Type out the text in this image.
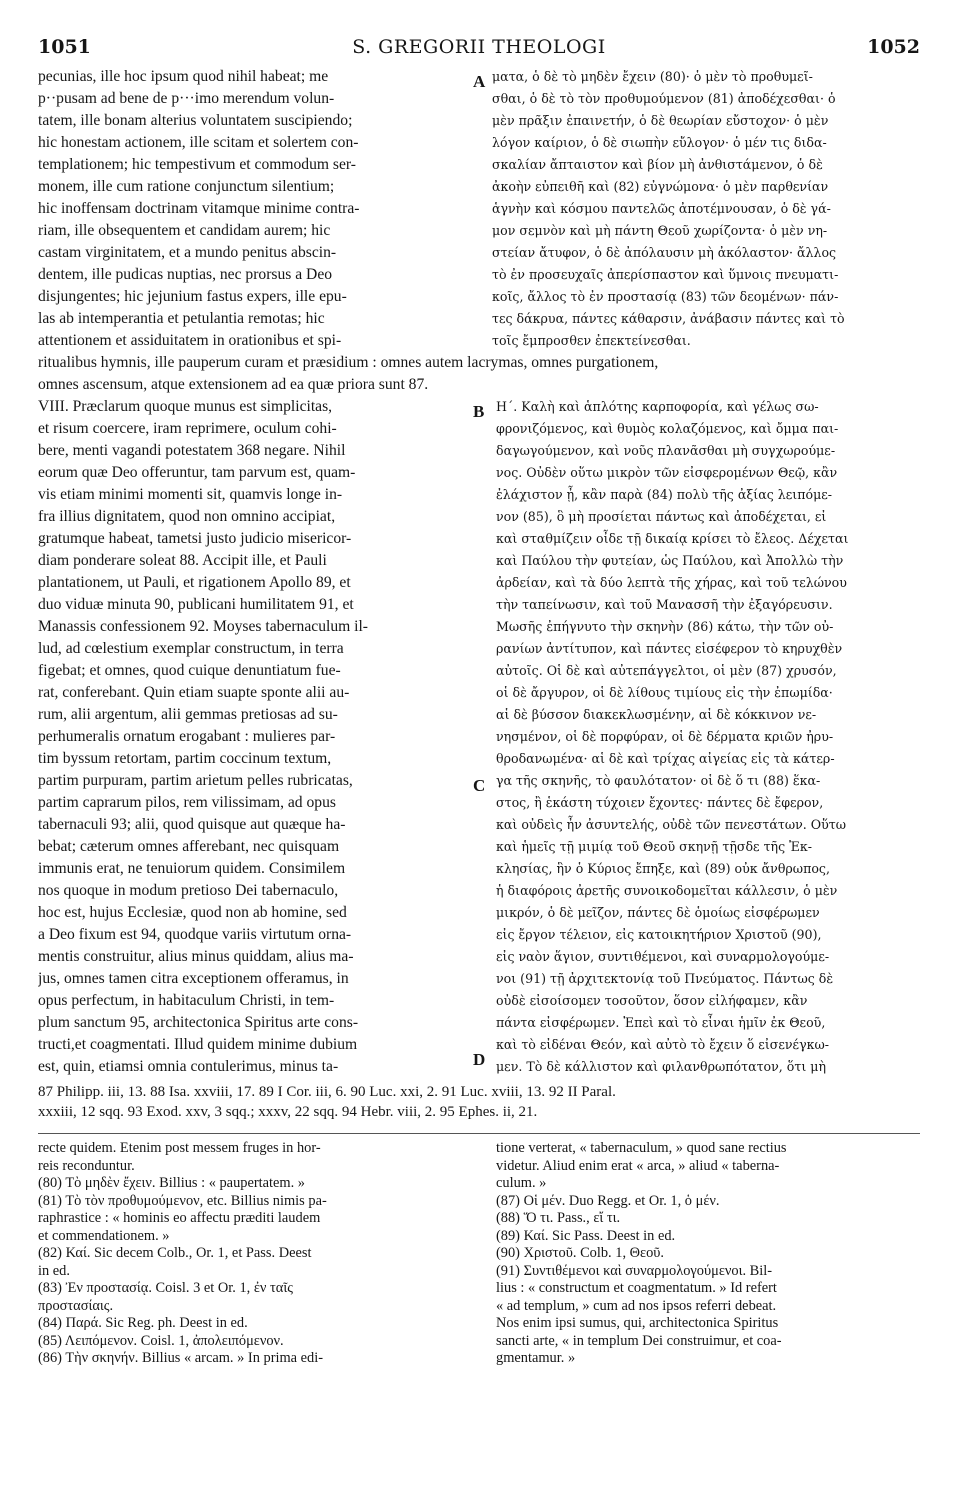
1051	S. GREGORII THEOLOGI	1052
pecunias, ille hoc ipsum quod nihil habeat; me
p··pusam ad bene de p···imo merendum volun-
tatem, ille bonam alterius voluntatem suscipiendo;
hic honestam actionem, ille scitam et solertem con-
templationem; hic tempestivum et commodum ser-
monem, ille cum ratione conjunctum silentium;
hic inoffensam doctrinam vitamque minime contra-
riam, ille obsequentem et candidam aurem; hic
castam virginitatem, et a mundo penitus abscin-
dentem, ille pudicas nuptias, nec prorsus a Deo
disjungentes; hic jejunium fastus expers, ille epu-
las ab intemperantia et petulantia remotas; hic
attentionem et assiduitatem in orationibus et spi-
ματα, ὁ δὲ τὸ μηδὲν ἔχειν (80)· ὁ μὲν τὸ προθυμεῖ-
σθαι, ὁ δὲ τὸ τὸν προθυμούμενον (81) ἀποδέχεσθαι· ὁ
μὲν πρᾶξιν ἐπαινετήν, ὁ δὲ θεωρίαν εὔστοχον· ὁ μὲν
λόγον καίριον, ὁ δὲ σιωπὴν εὔλογον· ὁ μέν τις διδα-
σκαλίαν ἄπταιστον καὶ βίον μὴ ἀνθιστάμενον, ὁ δὲ
ἀκοὴν εὐπειθῆ καὶ (82) εὐγνώμονα· ὁ μὲν παρθενίαν
ἁγνὴν καὶ κόσμου παντελῶς ἀποτέμνουσαν, ὁ δὲ γά-
μον σεμνὸν καὶ μὴ πάντη Θεοῦ χωρίζοντα· ὁ μὲν νη-
στείαν ἄτυφον, ὁ δὲ ἀπόλαυσιν μὴ ἀκόλαστον· ἄλλος
τὸ ἐν προσευχαῖς ἀπερίσπαστον καὶ ὕμνοις πνευματι-
κοῖς, ἄλλος τὸ ἐν προστασίᾳ (83) τῶν δεομένων· πάν-
τες δάκρυα, πάντες κάθαρσιν, ἀνάβασιν πάντες καὶ τὸ
τοῖς ἔμπροσθεν ἐπεκτείνεσθαι.
ritualibus hymnis, ille pauperum curam et præsidium : omnes autem lacrymas, omnes purgationem,
omnes ascensum, atque extensionem ad ea quæ priora sunt 87.
VIII. Præclarum quoque munus est simplicitas,
et risum coercere, iram reprimere, oculum cohi-
bere, menti vagandi potestatem 368 negare. Nihil
eorum quæ Deo offeruntur, tam parvum est, quam-
vis etiam minimi momenti sit, quamvis longe in-
fra illius dignitatem, quod non omnino accipiat,
gratumque habeat, tametsi justo judicio misericor-
diam ponderare soleat 88. Accipit ille, et Pauli
plantationem, ut Pauli, et rigationem Apollo 89, et
duo viduæ minuta 90, publicani humilitatem 91, et
Manassis confessionem 92. Moyses tabernaculum il-
lud, ad cœlestium exemplar constructum, in terra
figebat; et omnes, quod cuique denuntiatum fue-
rat, conferebant. Quin etiam suapte sponte alii au-
rum, alii argentum, alii gemmas pretiosas ad su-
perhumeralis ornatum erogabant : mulieres par-
tim byssum retortam, partim coccinum textum,
partim purpuram, partim arietum pelles rubricatas,
partim caprarum pilos, rem vilissimam, ad opus
tabernaculi 93; alii, quod quisque aut quæque ha-
bebat; cæterum omnes afferebant, nec quisquam
immunis erat, ne tenuiorum quidem. Consimilem
nos quoque in modum pretioso Dei tabernaculo,
hoc est, hujus Ecclesiæ, quod non ab homine, sed
a Deo fixum est 94, quodque variis virtutum orna-
mentis construitur, alius minus quiddam, alius ma-
jus, omnes tamen citra exceptionem offeramus, in
opus perfectum, in habitaculum Christi, in tem-
plum sanctum 95, architectonica Spiritus arte cons-
tructi,et coagmentati. Illud quidem minime dubium
est, quin, etiamsi omnia contulerimus, minus ta-
Η΄. Καλὴ καὶ ἁπλότης καρποφορία, καὶ γέλως σω-
φρονιζόμενος, καὶ θυμὸς κολαζόμενος, καὶ ὄμμα παι-
δαγωγούμενον, καὶ νοῦς πλανᾶσθαι μὴ συγχωρούμε-
νος. Οὐδὲν οὕτω μικρὸν τῶν εἰσφερομένων Θεῷ, κἂν
ἐλάχιστον ᾖ, κἂν παρὰ (84) πολὺ τῆς ἀξίας λειπόμε-
νον (85), ὃ μὴ προσίεται πάντως καὶ ἀποδέχεται, εἰ
καὶ σταθμίζειν οἶδε τῇ δικαίᾳ κρίσει τὸ ἔλεος. Δέχεται
καὶ Παύλου τὴν φυτείαν, ὡς Παύλου, καὶ Ἀπολλὼ τὴν
ἀρδείαν, καὶ τὰ δύο λεπτὰ τῆς χήρας, καὶ τοῦ τελώνου
τὴν ταπείνωσιν, καὶ τοῦ Μανασσῆ τὴν ἐξαγόρευσιν.
Μωσῆς ἐπήγνυτο τὴν σκηνὴν (86) κάτω, τὴν τῶν οὐ-
ρανίων ἀντίτυπον, καὶ πάντες εἰσέφερον τὸ κηρυχθὲν
αὐτοῖς. Οἱ δὲ καὶ αὐτεπάγγελτοι, οἱ μὲν (87) χρυσόν,
οἱ δὲ ἄργυρον, οἱ δὲ λίθους τιμίους εἰς τὴν ἐπωμίδα·
αἱ δὲ βύσσον διακεκλωσμένην, αἱ δὲ κόκκινον νε-
νησμένον, οἱ δὲ πορφύραν, οἱ δὲ δέρματα κριῶν ἠρυ-
θροδανωμένα· αἱ δὲ καὶ τρίχας αἰγείας εἰς τὰ κάτερ-
γα τῆς σκηνῆς, τὸ φαυλότατον· οἱ δὲ ὅ τι (88) ἕκα-
στος, ἢ ἑκάστη τύχοιεν ἔχοντες· πάντες δὲ ἔφερον,
καὶ οὐδεὶς ἦν ἀσυντελής, οὐδὲ τῶν πενεστάτων. Οὕτω
καὶ ἡμεῖς τῇ μιμίᾳ τοῦ Θεοῦ σκηνῇ τῇσδε τῆς Ἐκ-
κλησίας, ἣν ὁ Κύριος ἔπηξε, καὶ (89) οὐκ ἄνθρωπος,
ἡ διαφόροις ἀρετῆς συνοικοδομεῖται κάλλεσιν, ὁ μὲν
μικρόν, ὁ δὲ μεῖζον, πάντες δὲ ὁμοίως εἰσφέρωμεν
εἰς ἔργον τέλειον, εἰς κατοικητήριον Χριστοῦ (90),
εἰς ναὸν ἅγιον, συντιθέμενοι, καὶ συναρμολογούμε-
νοι (91) τῇ ἀρχιτεκτονίᾳ τοῦ Πνεύματος. Πάντως δὲ
οὐδὲ εἰσοίσομεν τοσοῦτον, ὅσον εἰλήφαμεν, κἂν
πάντα εἰσφέρωμεν. Ἐπεὶ καὶ τὸ εἶναι ἡμῖν ἐκ Θεοῦ,
καὶ τὸ εἰδέναι Θεόν, καὶ αὐτὸ τὸ ἔχειν ὅ εἰσενέγκω-
μεν. Τὸ δὲ κάλλιστον καὶ φιλανθρωπότατον, ὅτι μὴ
A
B
C
D
87 Philipp. iii, 13. 88 Isa. xxviii, 17. 89 I Cor. iii, 6. 90 Luc. xxi, 2. 91 Luc. xviii, 13. 92 II Paral.
xxxiii, 12 sqq. 93 Exod. xxv, 3 sqq.; xxxv, 22 sqq. 94 Hebr. viii, 2. 95 Ephes. ii, 21.
recte quidem. Etenim post messem fruges in hor-
reis reconduntur.
(80) Τὸ μηδὲν ἔχειν. Billius : « paupertatem. »
(81) Τὸ τὸν προθυμούμενον, etc. Billius nimis pa-
raphrastice : « hominis eo affectu præditi laudem
et commendationem. »
(82) Καί. Sic decem Colb., Or. 1, et Pass. Deest
in ed.
(83) Ἐν προστασίᾳ. Coisl. 3 et Or. 1, ἐν ταῖς
προστασίαις.
(84) Παρά. Sic Reg. ph. Deest in ed.
(85) Λειπόμενον. Coisl. 1, ἀπολειπόμενον.
(86) Τὴν σκηνήν. Billius « arcam. » In prima edi-
tione verterat, « tabernaculum, » quod sane rectius
videtur. Aliud enim erat « arca, » aliud « taberna-
culum. »
(87) Οἱ μέν. Duo Regg. et Or. 1, ὁ μέν.
(88) Ὅ τι. Pass., εἴ τι.
(89) Καί. Sic Pass. Deest in ed.
(90) Χριστοῦ. Colb. 1, Θεοῦ.
(91) Συντιθέμενοι καὶ συναρμολογούμενοι. Bil-
lius : « constructum et coagmentatum. » Id refert
« ad templum, » cum ad nos ipsos referri debeat.
Nos enim ipsi sumus, qui, architectonica Spiritus
sancti arte, « in templum Dei construimur, et coa-
gmentamur. »
